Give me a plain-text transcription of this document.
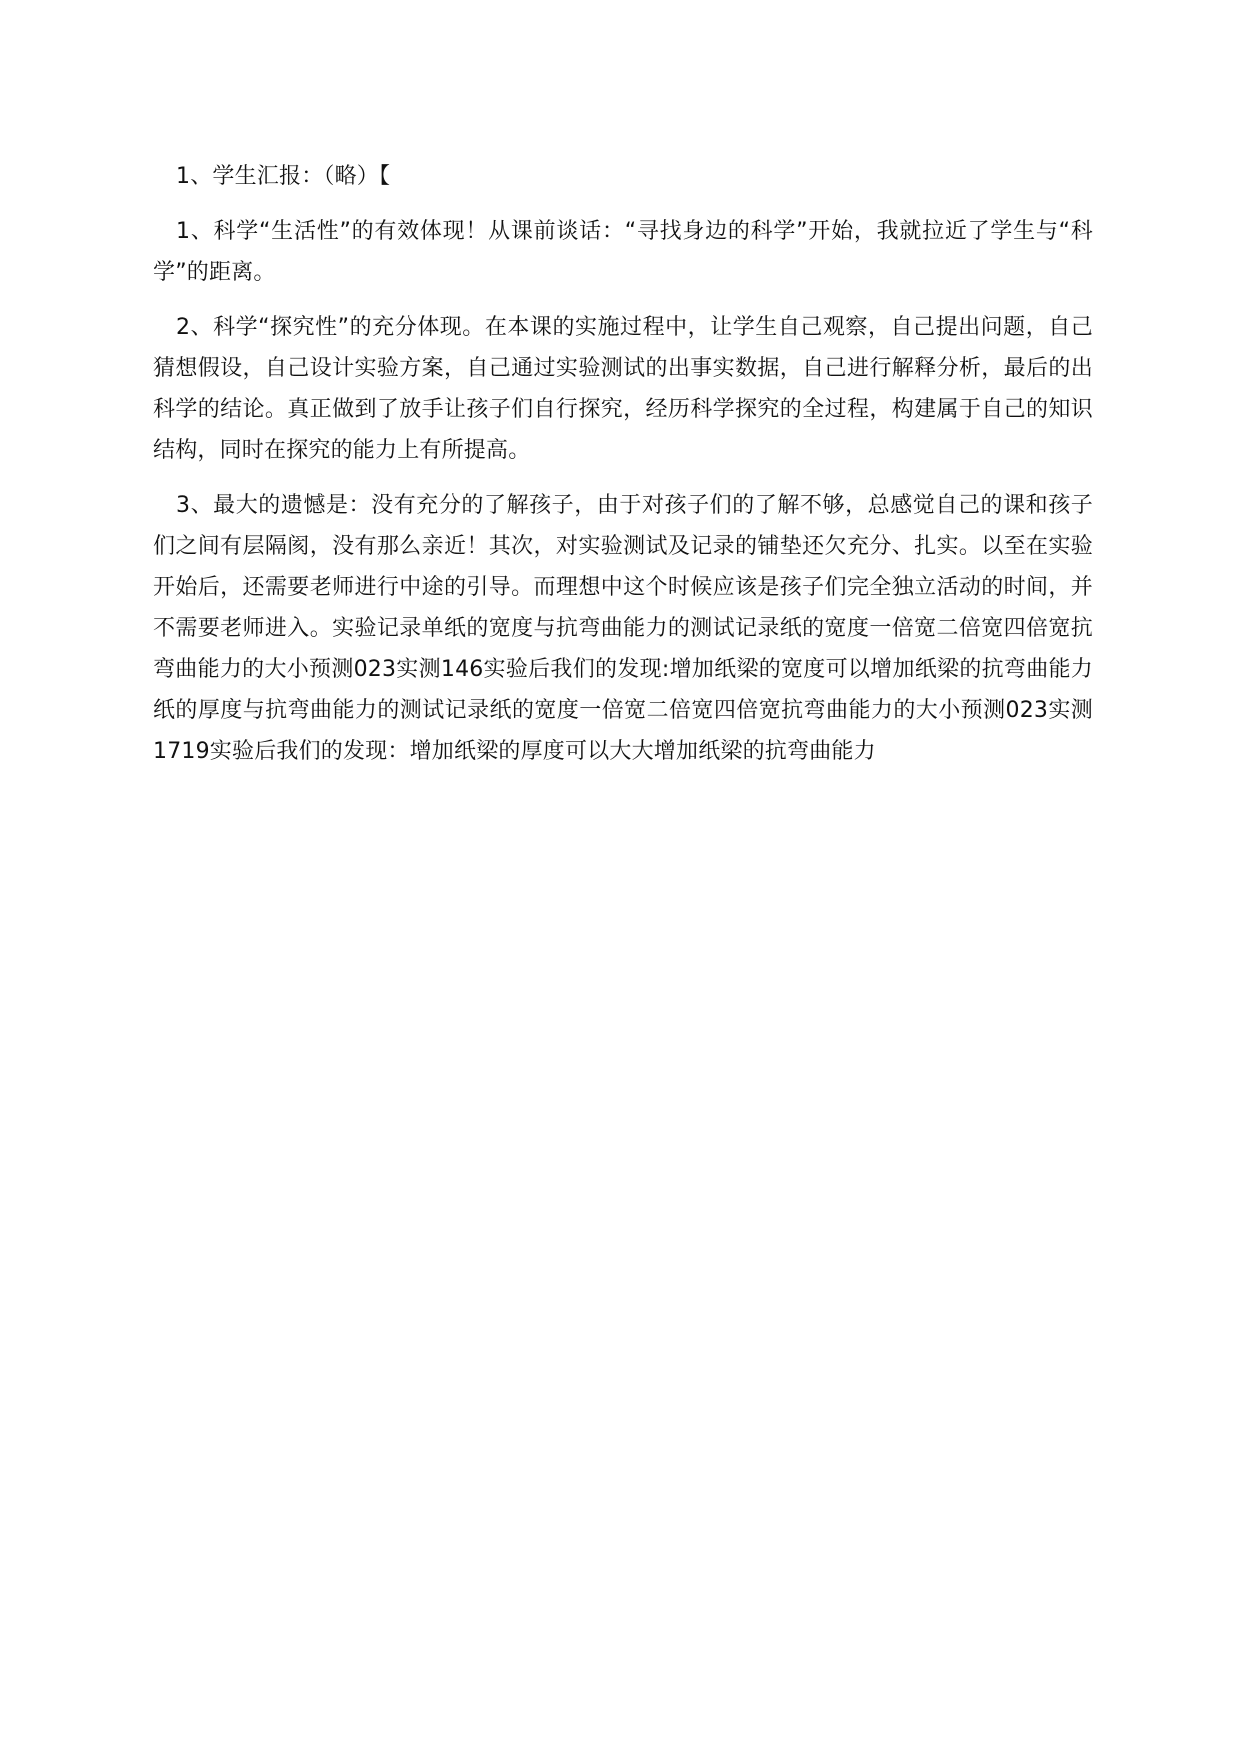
1、学生汇报：（略）【

1、科学“生活性”的有效体现！从课前谈话：“寻找身边的科学”开始，我就拉近了学生与“科学”的距离。

2、科学“探究性”的充分体现。在本课的实施过程中，让学生自己观察，自己提出问题，自己猜想假设，自己设计实验方案，自己通过实验测试的出事实数据，自己进行解释分析，最后的出科学的结论。真正做到了放手让孩子们自行探究，经历科学探究的全过程，构建属于自己的知识结构，同时在探究的能力上有所提高。

3、最大的遗憾是：没有充分的了解孩子，由于对孩子们的了解不够，总感觉自己的课和孩子们之间有层隔阂，没有那么亲近！其次，对实验测试及记录的铺垫还欠充分、扎实。以至在实验开始后，还需要老师进行中途的引导。而理想中这个时候应该是孩子们完全独立活动的时间，并不需要老师进入。实验记录单纸的宽度与抗弯曲能力的测试记录纸的宽度一倍宽二倍宽四倍宽抗弯曲能力的大小预测023实测146实验后我们的发现:增加纸梁的宽度可以增加纸梁的抗弯曲能力纸的厚度与抗弯曲能力的测试记录纸的宽度一倍宽二倍宽四倍宽抗弯曲能力的大小预测023实测1719实验后我们的发现：增加纸梁的厚度可以大大增加纸梁的抗弯曲能力
